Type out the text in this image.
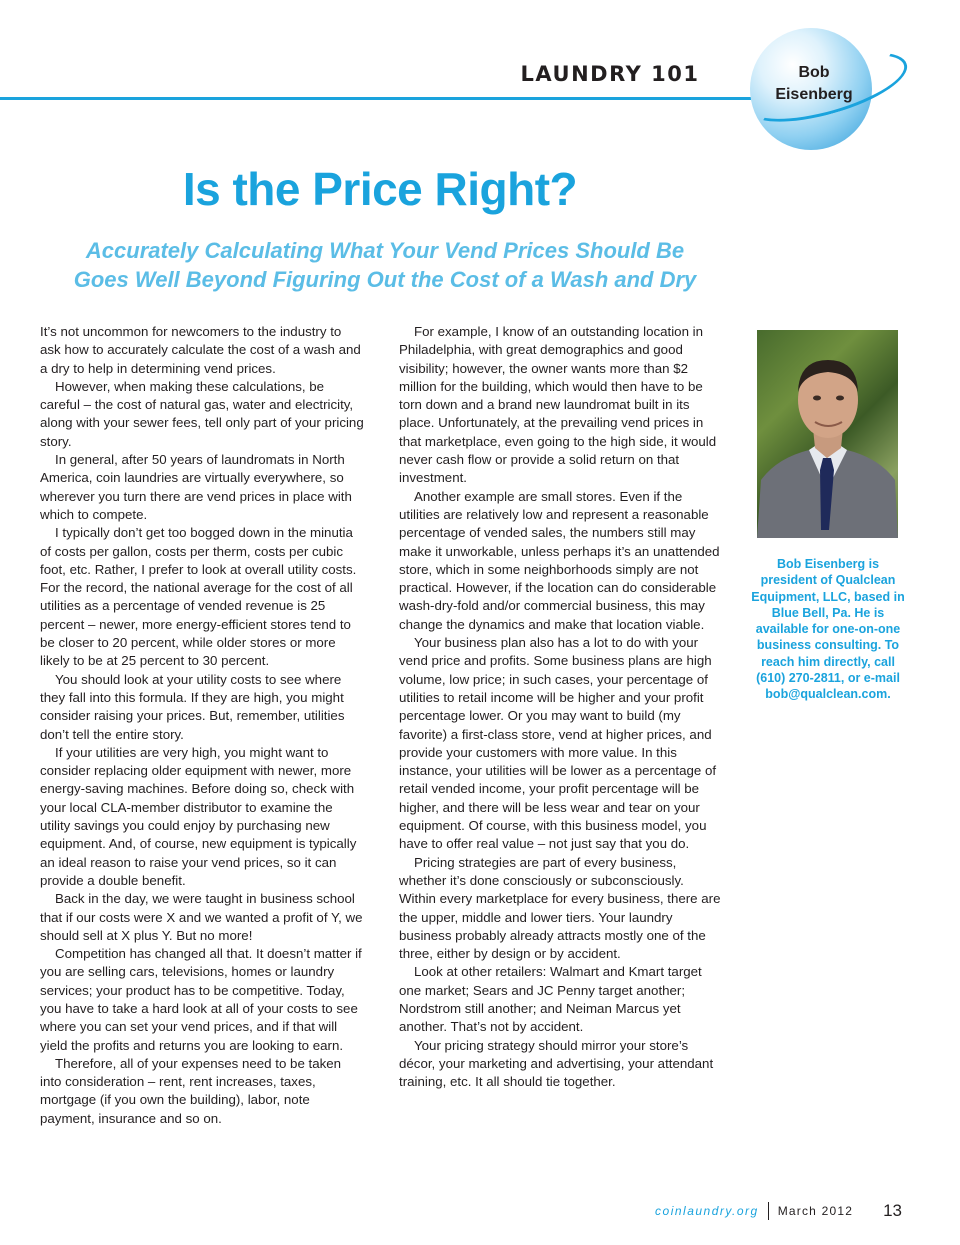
LAUNDRY 101	Bob
Eisenberg
Is the Price Right?
Accurately Calculating What Your Vend Prices Should Be
Goes Well Beyond Figuring Out the Cost of a Wash and Dry

It’s not uncommon for newcomers to the industry to ask how to accurately calculate the cost of a wash and a dry to help in determining vend prices.

However, when making these calculations, be careful – the cost of natural gas, water and electricity, along with your sewer fees, tell only part of your pricing story.

In general, after 50 years of laundromats in North America, coin laundries are virtually everywhere, so wherever you turn there are vend prices in place with which to compete.

I typically don’t get too bogged down in the minutia of costs per gallon, costs per therm, costs per cubic foot, etc. Rather, I prefer to look at overall utility costs. For the record, the national average for the cost of all utilities as a percentage of vended revenue is 25 percent – newer, more energy-efficient stores tend to be closer to 20 percent, while older stores or more likely to be at 25 percent to 30 percent.

You should look at your utility costs to see where they fall into this formula. If they are high, you might consider raising your prices. But, remember, utilities don’t tell the entire story.

If your utilities are very high, you might want to consider replacing older equipment with newer, more energy-saving machines. Before doing so, check with your local CLA-member distributor to examine the utility savings you could enjoy by purchasing new equipment. And, of course, new equipment is typically an ideal reason to raise your vend prices, so it can provide a double benefit.

Back in the day, we were taught in business school that if our costs were X and we wanted a profit of Y, we should sell at X plus Y. But no more!

Competition has changed all that. It doesn’t matter if you are selling cars, televisions, homes or laundry services; your product has to be competitive. Today, you have to take a hard look at all of your costs to see where you can set your vend prices, and if that will yield the profits and returns you are looking to earn.

Therefore, all of your expenses need to be taken into consideration – rent, rent increases, taxes, mortgage (if you own the building), labor, note payment, insurance and so on.

For example, I know of an outstanding location in Philadelphia, with great demographics and good visibility; however, the owner wants more than $2 million for the building, which would then have to be torn down and a brand new laundromat built in its place. Unfortunately, at the prevailing vend prices in that marketplace, even going to the high side, it would never cash flow or provide a solid return on that investment.

Another example are small stores. Even if the utilities are relatively low and represent a reasonable percentage of vended sales, the numbers still may make it unworkable, unless perhaps it’s an unattended store, which in some neighborhoods simply are not practical. However, if the location can do considerable wash-dry-fold and/or commercial business, this may change the dynamics and make that location viable.

Your business plan also has a lot to do with your vend price and profits. Some business plans are high volume, low price; in such cases, your percentage of utilities to retail income will be higher and your profit percentage lower. Or you may want to build (my favorite) a first-class store, vend at higher prices, and provide your customers with more value. In this instance, your utilities will be lower as a percentage of retail vended income, your profit percentage will be higher, and there will be less wear and tear on your equipment. Of course, with this business model, you have to offer real value – not just say that you do.

Pricing strategies are part of every business, whether it’s done consciously or subconsciously. Within every marketplace for every business, there are the upper, middle and lower tiers. Your laundry business probably already attracts mostly one of the three, either by design or by accident.

Look at other retailers: Walmart and Kmart target one market; Sears and JC Penny target another; Nordstrom still another; and Neiman Marcus yet another. That’s not by accident.

Your pricing strategy should mirror your store’s décor, your marketing and advertising, your attendant training, etc. It all should tie together.

Bob Eisenberg is president of Qualclean Equipment, LLC, based in Blue Bell, Pa. He is available for one-on-one business consulting. To reach him directly, call (610) 270-2811, or e-mail bob@qualclean.com.
coinlaundry.org March 2012 13
